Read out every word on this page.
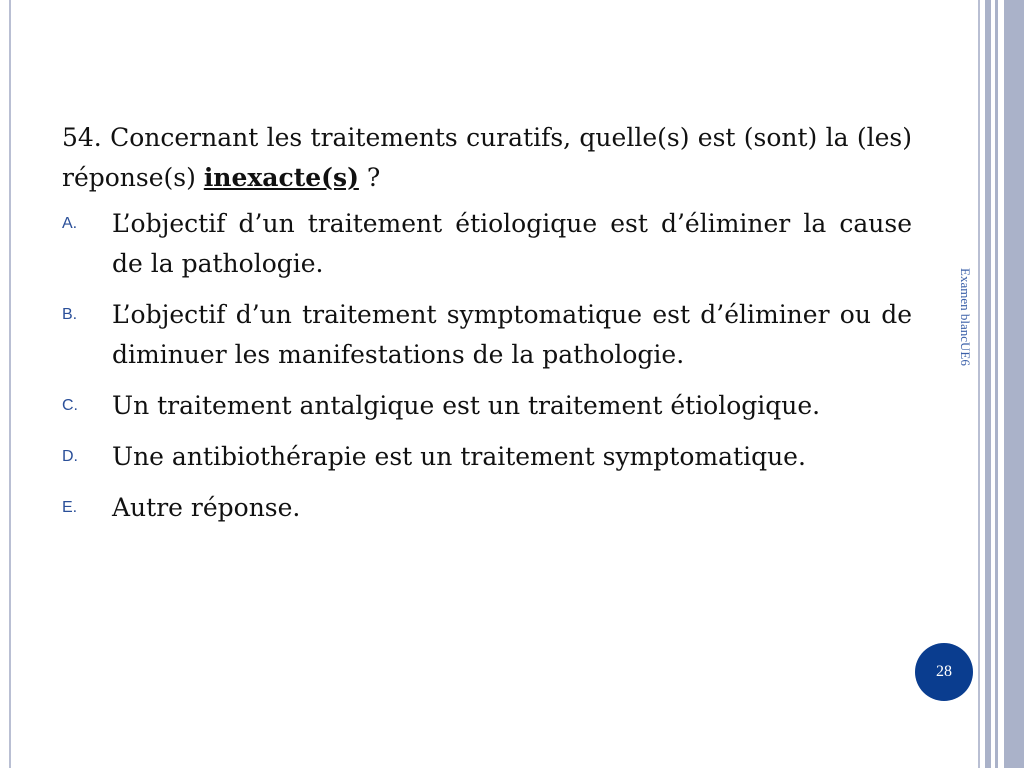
54. Concernant les traitements curatifs, quelle(s) est (sont) la (les) réponse(s) inexacte(s) ?

A. L’objectif d’un traitement étiologique est d’éliminer la cause de la pathologie.
B. L’objectif d’un traitement symptomatique est d’éliminer ou de diminuer les manifestations de la pathologie.
C. Un traitement antalgique est un traitement étiologique.
D. Une antibiothérapie est un traitement symptomatique.
E. Autre réponse.
Examen blancUE6
28
